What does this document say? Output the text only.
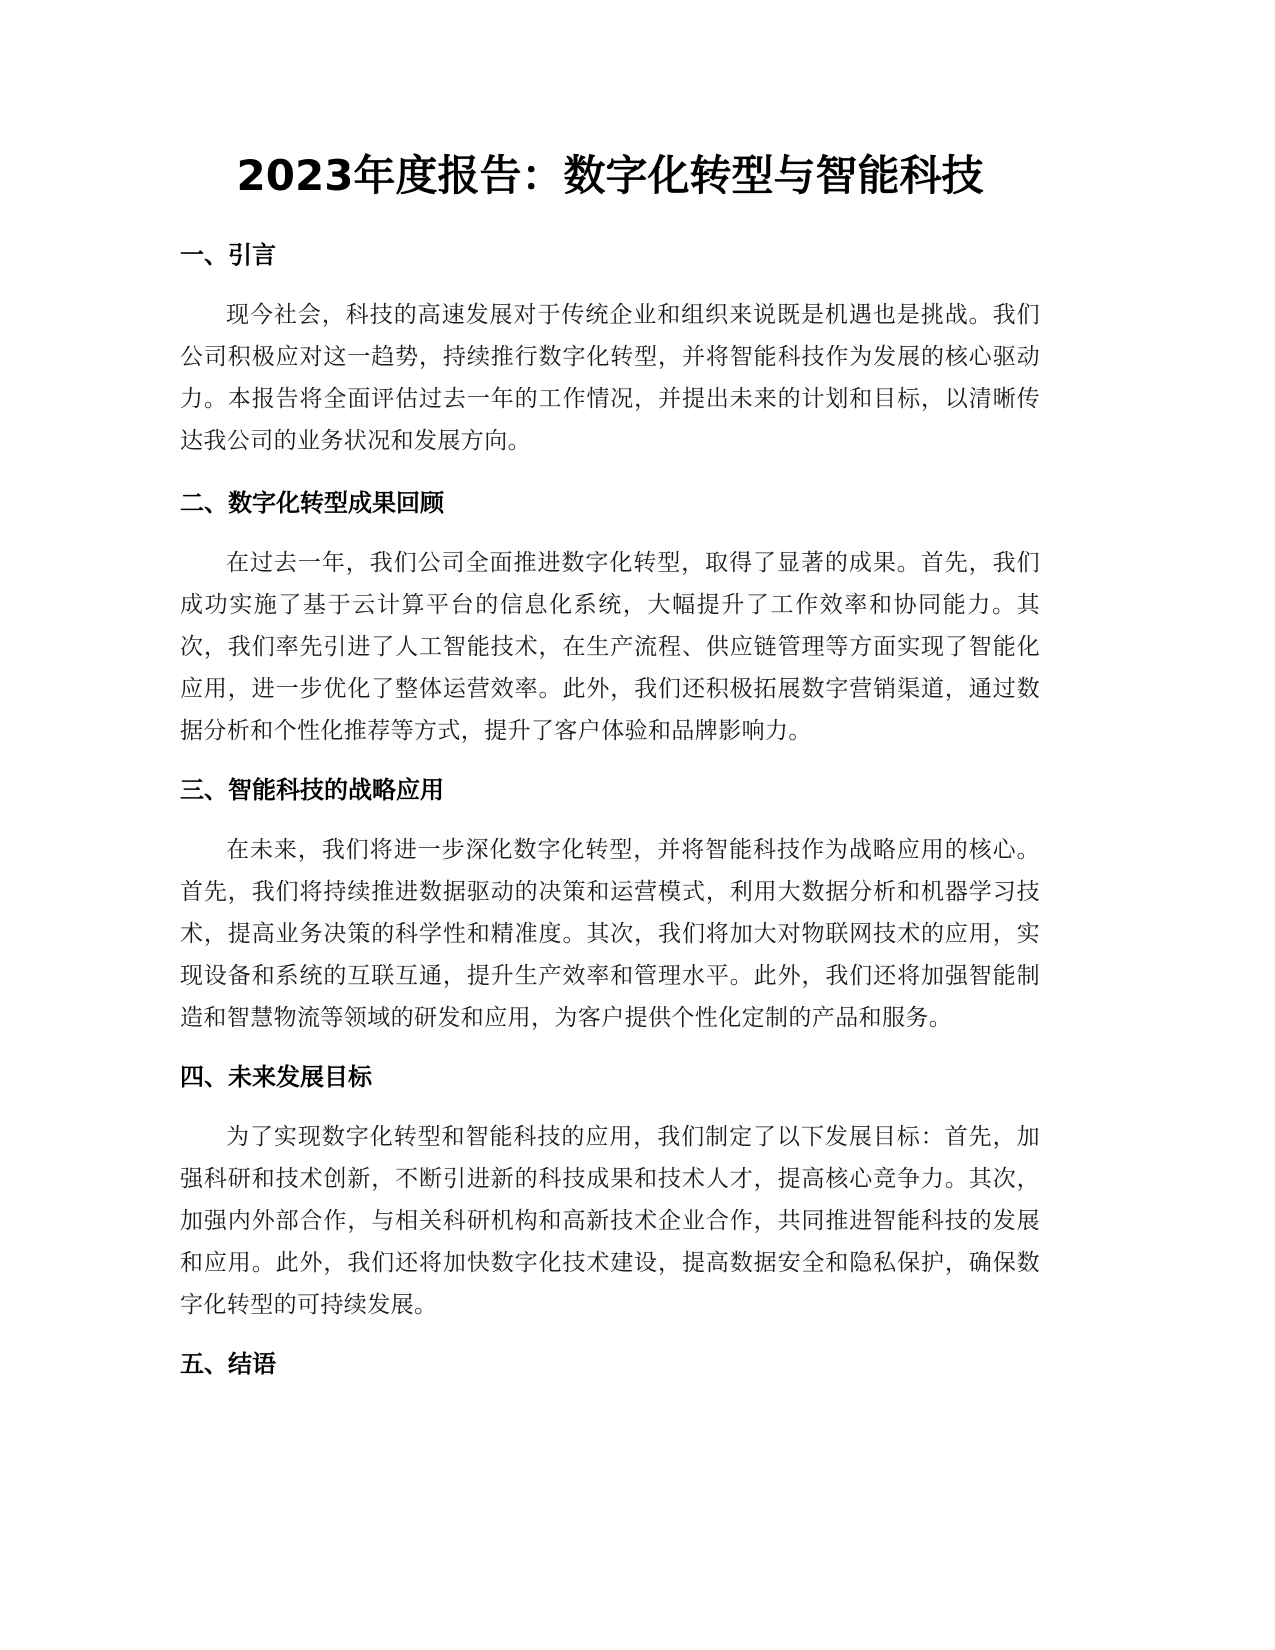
2023年度报告：数字化转型与智能科技
一、引言

现今社会，科技的高速发展对于传统企业和组织来说既是机遇也是挑战。我们公司积极应对这一趋势，持续推行数字化转型，并将智能科技作为发展的核心驱动力。本报告将全面评估过去一年的工作情况，并提出未来的计划和目标，以清晰传达我公司的业务状况和发展方向。

二、数字化转型成果回顾

在过去一年，我们公司全面推进数字化转型，取得了显著的成果。首先，我们成功实施了基于云计算平台的信息化系统，大幅提升了工作效率和协同能力。其次，我们率先引进了人工智能技术，在生产流程、供应链管理等方面实现了智能化应用，进一步优化了整体运营效率。此外，我们还积极拓展数字营销渠道，通过数据分析和个性化推荐等方式，提升了客户体验和品牌影响力。

三、智能科技的战略应用

在未来，我们将进一步深化数字化转型，并将智能科技作为战略应用的核心。首先，我们将持续推进数据驱动的决策和运营模式，利用大数据分析和机器学习技术，提高业务决策的科学性和精准度。其次，我们将加大对物联网技术的应用，实现设备和系统的互联互通，提升生产效率和管理水平。此外，我们还将加强智能制造和智慧物流等领域的研发和应用，为客户提供个性化定制的产品和服务。

四、未来发展目标

为了实现数字化转型和智能科技的应用，我们制定了以下发展目标：首先，加强科研和技术创新，不断引进新的科技成果和技术人才，提高核心竞争力。其次，加强内外部合作，与相关科研机构和高新技术企业合作，共同推进智能科技的发展和应用。此外，我们还将加快数字化技术建设，提高数据安全和隐私保护，确保数字化转型的可持续发展。

五、结语
